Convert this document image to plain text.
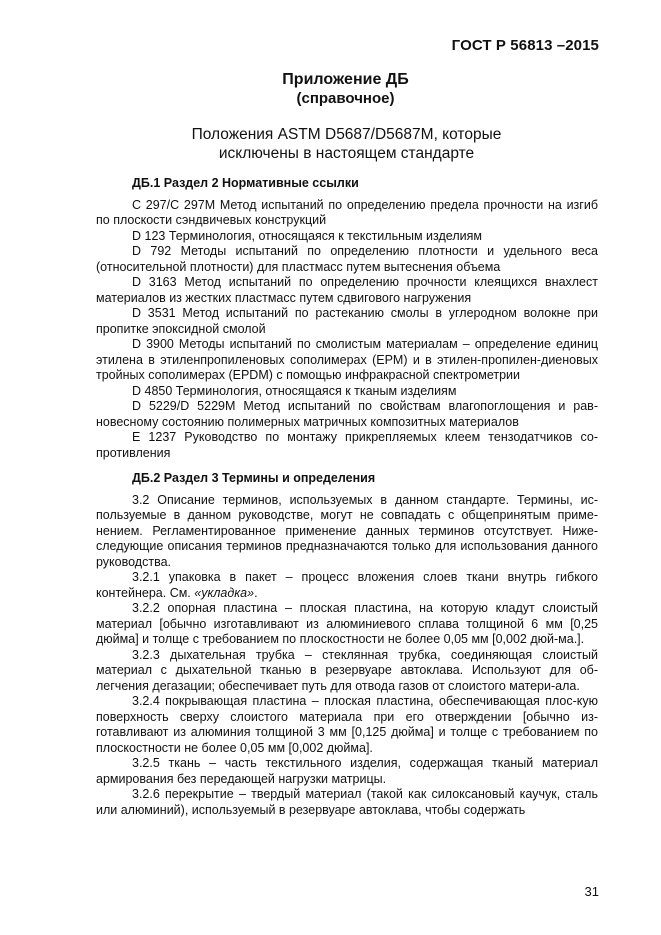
ГОСТ Р 56813 –2015
Приложение ДБ
(справочное)
Положения ASTM D5687/D5687M, которые
исключены в настоящем стандарте
ДБ.1 Раздел 2 Нормативные ссылки

С 297/С 297М Метод испытаний по определению предела прочности на изгиб по плоскости сэндвичевых конструкций

D 123 Терминология, относящаяся к текстильным изделиям

D 792 Методы испытаний по определению плотности и удельного веса (относительной плотности) для пластмасс путем вытеснения объема

D 3163 Метод испытаний по определению прочности клеящихся внахлест материалов из жестких пластмасс путем сдвигового нагружения

D 3531 Метод испытаний по растеканию смолы в углеродном волокне при пропитке эпоксидной смолой

D 3900 Методы испытаний по смолистым материалам – определение единиц этилена в этиленпропиленовых сополимерах (EPM) и в этилен-пропилен-диеновых тройных сополимерах (EPDM) с помощью инфракрасной спектрометрии

D 4850 Терминология, относящаяся к тканым изделиям

D 5229/D 5229M Метод испытаний по свойствам влагопоглощения и рав-новесному состоянию полимерных матричных композитных материалов

E 1237 Руководство по монтажу прикрепляемых клеем тензодатчиков со-противления

ДБ.2 Раздел 3 Термины и определения

3.2 Описание терминов, используемых в данном стандарте. Термины, ис-пользуемые в данном руководстве, могут не совпадать с общепринятым приме-нением. Регламентированное применение данных терминов отсутствует. Ниже-следующие описания терминов предназначаются только для использования данного руководства.

3.2.1 упаковка в пакет – процесс вложения слоев ткани внутрь гибкого контейнера. См. «укладка».

3.2.2 опорная пластина – плоская пластина, на которую кладут слоистый материал [обычно изготавливают из алюминиевого сплава толщиной 6 мм [0,25 дюйма] и толще с требованием по плоскостности не более 0,05 мм [0,002 дюй-ма.].

3.2.3 дыхательная трубка – стеклянная трубка, соединяющая слоистый материал с дыхательной тканью в резервуаре автоклава. Используют для об-легчения дегазации; обеспечивает путь для отвода газов от слоистого матери-ала.

3.2.4 покрывающая пластина – плоская пластина, обеспечивающая плос-кую поверхность сверху слоистого материала при его отверждении [обычно из-готавливают из алюминия толщиной 3 мм [0,125 дюйма] и толще с требованием по плоскостности не более 0,05 мм [0,002 дюйма].

3.2.5 ткань – часть текстильного изделия, содержащая тканый материал армирования без передающей нагрузки матрицы.

3.2.6 перекрытие – твердый материал (такой как силоксановый каучук, сталь или алюминий), используемый в резервуаре автоклава, чтобы содержать

31
